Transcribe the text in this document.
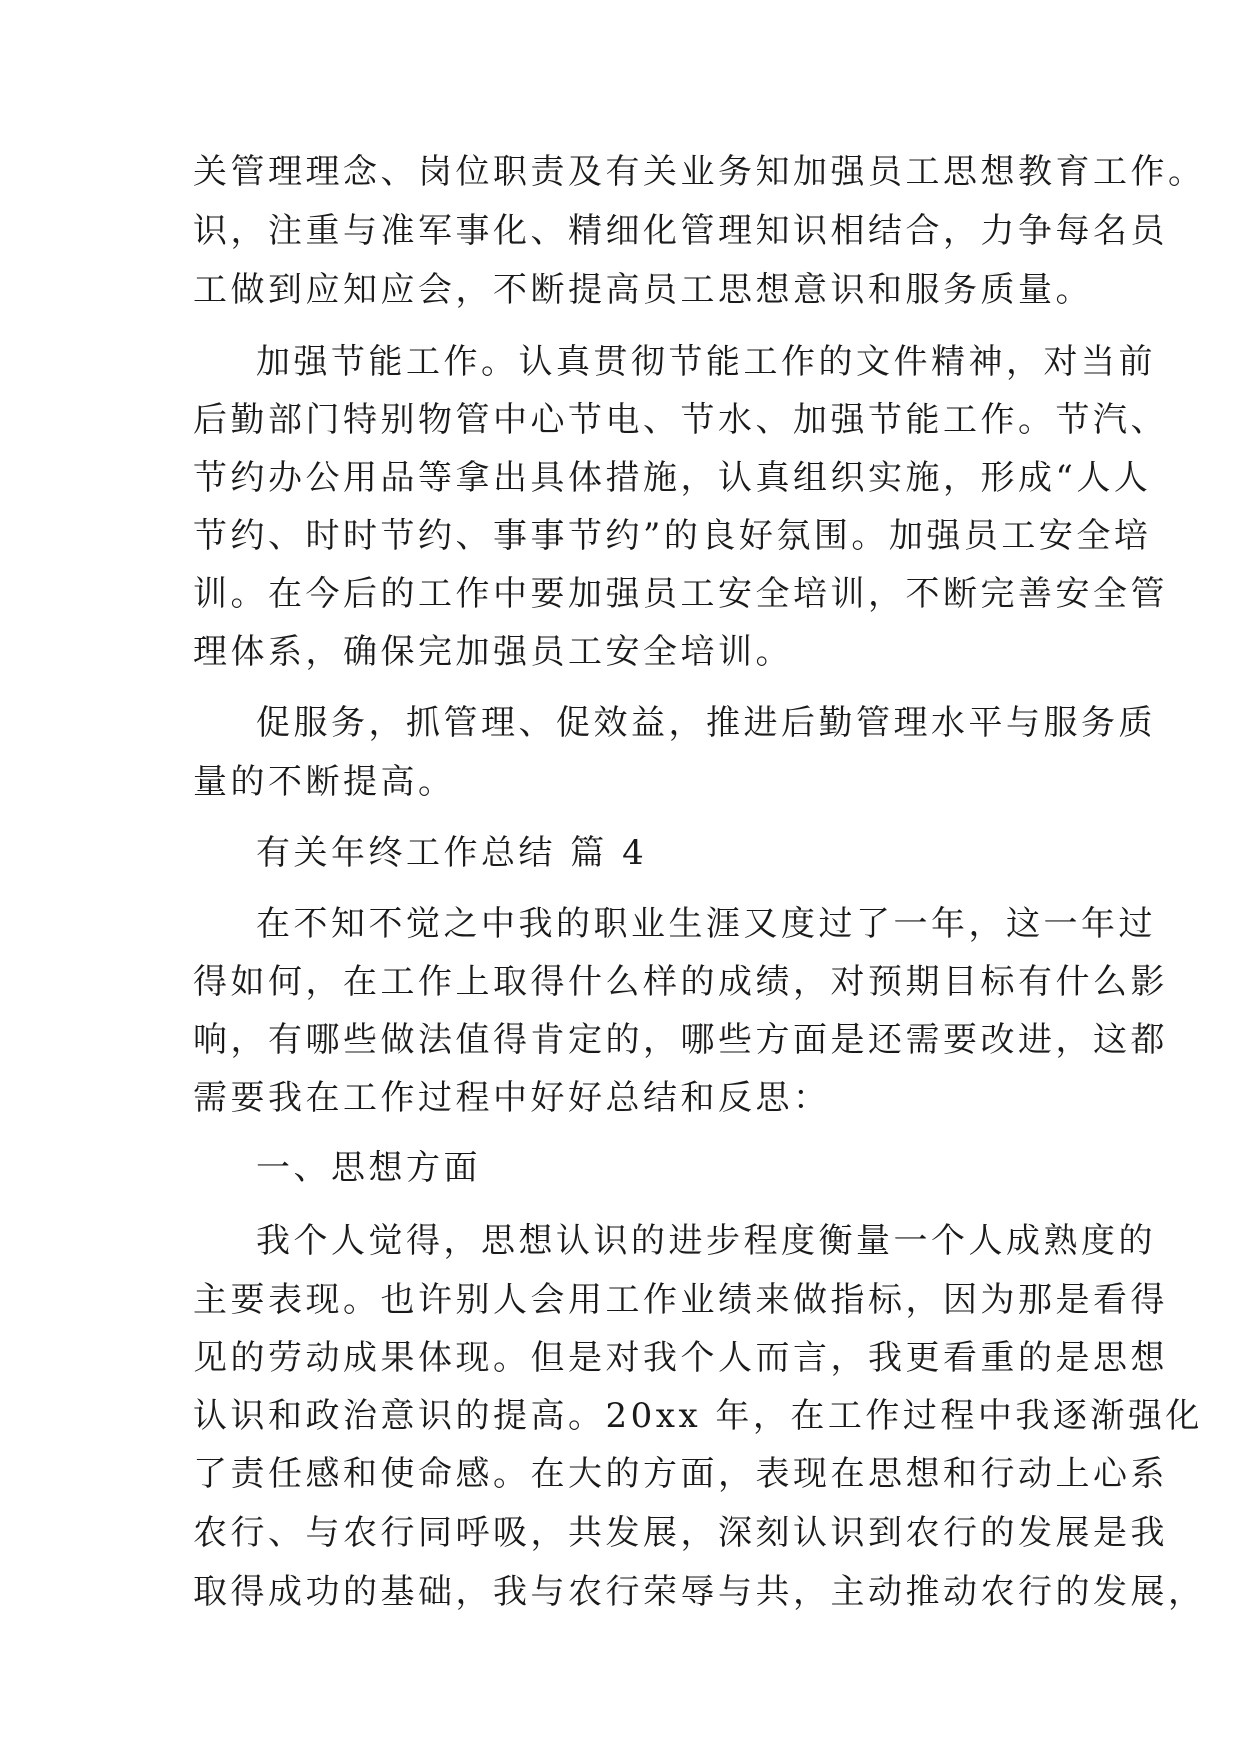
关管理理念、岗位职责及有关业务知加强员工思想教育工作。
识，注重与准军事化、精细化管理知识相结合，力争每名员
工做到应知应会，不断提高员工思想意识和服务质量。
加强节能工作。认真贯彻节能工作的文件精神，对当前
后勤部门特别物管中心节电、节水、加强节能工作。节汽、
节约办公用品等拿出具体措施，认真组织实施，形成“人人
节约、时时节约、事事节约”的良好氛围。加强员工安全培
训。在今后的工作中要加强员工安全培训，不断完善安全管
理体系，确保完加强员工安全培训。
促服务，抓管理、促效益，推进后勤管理水平与服务质
量的不断提高。
有关年终工作总结 篇 4
在不知不觉之中我的职业生涯又度过了一年，这一年过
得如何，在工作上取得什么样的成绩，对预期目标有什么影
响，有哪些做法值得肯定的，哪些方面是还需要改进，这都
需要我在工作过程中好好总结和反思：
一、思想方面
我个人觉得，思想认识的进步程度衡量一个人成熟度的
主要表现。也许别人会用工作业绩来做指标，因为那是看得
见的劳动成果体现。但是对我个人而言，我更看重的是思想
认识和政治意识的提高。20xx 年，在工作过程中我逐渐强化
了责任感和使命感。在大的方面，表现在思想和行动上心系
农行、与农行同呼吸，共发展，深刻认识到农行的发展是我
取得成功的基础，我与农行荣辱与共，主动推动农行的发展，
